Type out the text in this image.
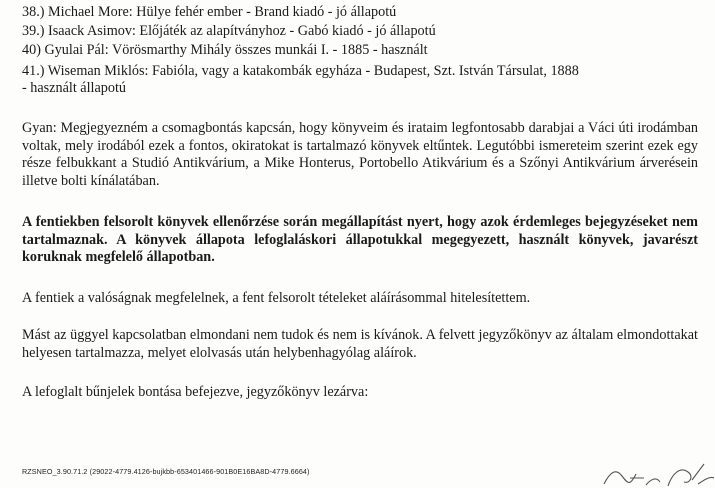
38.) Michael More: Hülye fehér ember - Brand kiadó - jó állapotú
39.) Isaack Asimov: Előjáték az alapítványhoz - Gabó kiadó - jó állapotú
40) Gyulai Pál: Vörösmarthy Mihály összes munkái I. - 1885 - használt
41.) Wiseman Miklós: Fabióla, vagy a katakombák egyháza - Budapest, Szt. István Társulat, 1888
- használt állapotú
Gyan: Megjegyezném a csomagbontás kapcsán, hogy könyveim és irataim legfontosabb darabjai a Váci úti irodámban voltak, mely irodából ezek a fontos, okiratokat is tartalmazó könyvek eltűntek. Legutóbbi ismereteim szerint ezek egy része felbukkant a Studió Antikvárium, a Mike Honterus, Portobello Atikvárium és a Szőnyi Antikvárium árverésein illetve bolti kínálatában.
A fentiekben felsorolt könyvek ellenőrzése során megállapítást nyert, hogy azok érdemleges bejegyzéseket nem tartalmaznak. A könyvek állapota lefoglaláskori állapotukkal megegyezett, használt könyvek, javarészt koruknak megfelelő állapotban.
A fentiek a valóságnak megfelelnek, a fent felsorolt tételeket aláírásommal hitelesítettem.
Mást az üggyel kapcsolatban elmondani nem tudok és nem is kívánok. A felvett jegyzőkönyv az általam elmondottakat helyesen tartalmazza, melyet elolvasás után helybenhagyólag aláírok.
A lefoglalt bűnjelek bontása befejezve, jegyzőkönyv lezárva:
RZSNEO_3.90.71.2 (29022-4779.4126-bujkbb-653401466-901B0E16BA8D-4779.6664)
